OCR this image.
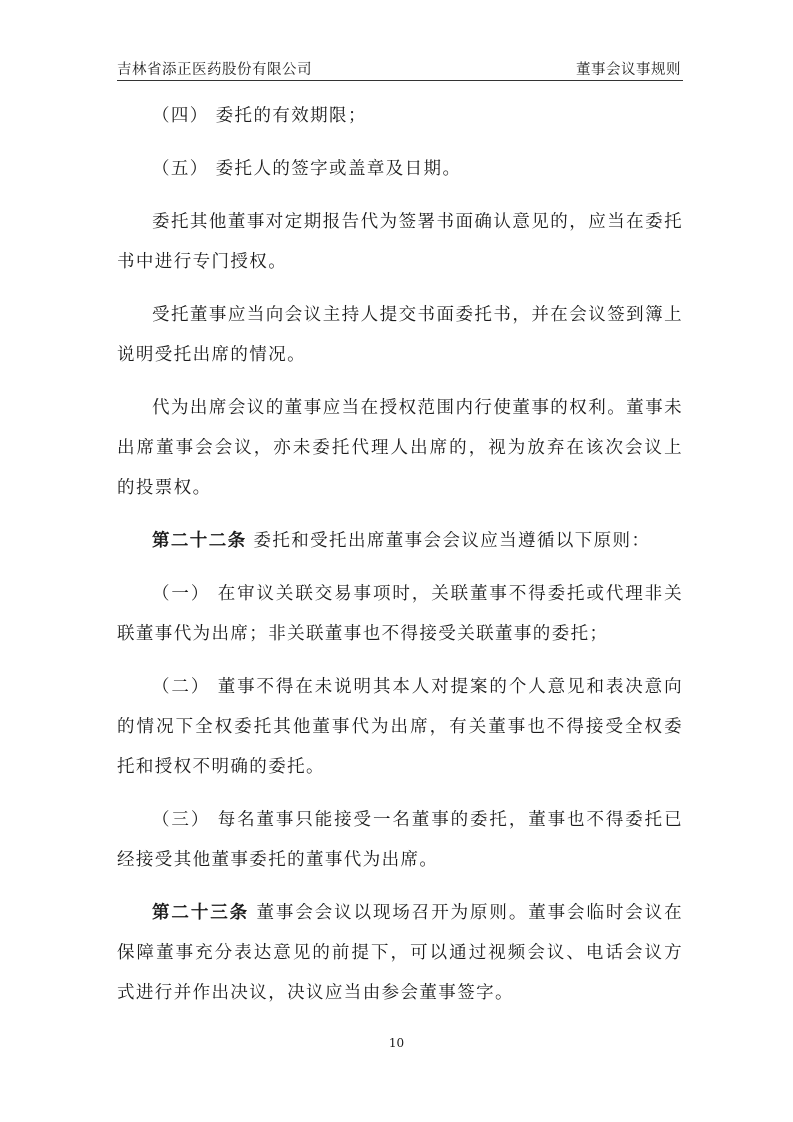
吉林省添正医药股份有限公司	董事会议事规则

（四） 委托的有效期限；

（五） 委托人的签字或盖章及日期。

委托其他董事对定期报告代为签署书面确认意见的，应当在委托书中进行专门授权。

受托董事应当向会议主持人提交书面委托书，并在会议签到簿上说明受托出席的情况。

代为出席会议的董事应当在授权范围内行使董事的权利。董事未出席董事会会议，亦未委托代理人出席的，视为放弃在该次会议上的投票权。

第二十二条 委托和受托出席董事会会议应当遵循以下原则：

（一） 在审议关联交易事项时，关联董事不得委托或代理非关联董事代为出席；非关联董事也不得接受关联董事的委托；

（二） 董事不得在未说明其本人对提案的个人意见和表决意向的情况下全权委托其他董事代为出席，有关董事也不得接受全权委托和授权不明确的委托。

（三） 每名董事只能接受一名董事的委托，董事也不得委托已经接受其他董事委托的董事代为出席。

第二十三条 董事会会议以现场召开为原则。董事会临时会议在保障董事充分表达意见的前提下，可以通过视频会议、电话会议方式进行并作出决议，决议应当由参会董事签字。

10
